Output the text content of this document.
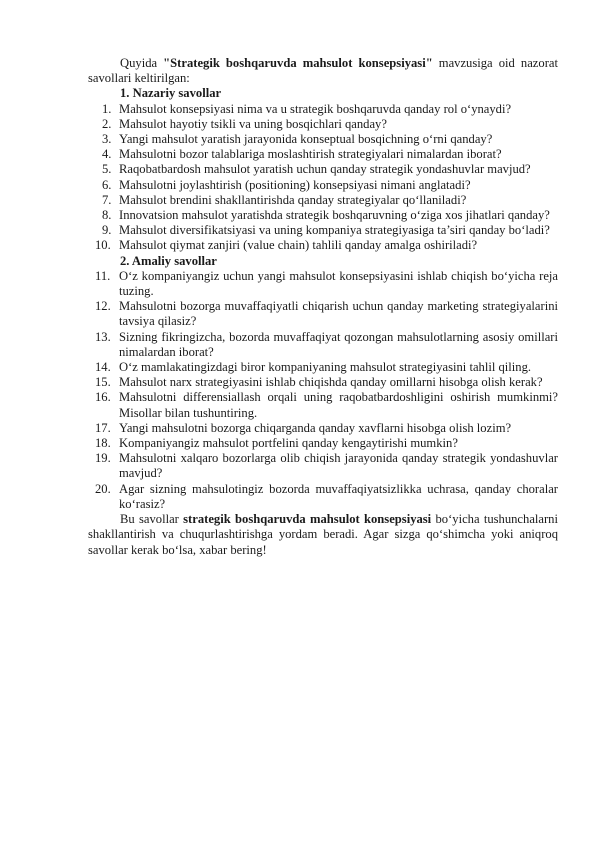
Quyida "Strategik boshqaruvda mahsulot konsepsiyasi" mavzusiga oid nazorat savollari keltirilgan:

1. Nazariy savollar

1. Mahsulot konsepsiyasi nima va u strategik boshqaruvda qanday rol o‘ynaydi?
2. Mahsulot hayotiy tsikli va uning bosqichlari qanday?
3. Yangi mahsulot yaratish jarayonida konseptual bosqichning o‘rni qanday?
4. Mahsulotni bozor talablariga moslashtirish strategiyalari nimalardan iborat?
5. Raqobatbardosh mahsulot yaratish uchun qanday strategik yondashuvlar mavjud?
6. Mahsulotni joylashtirish (positioning) konsepsiyasi nimani anglatadi?
7. Mahsulot brendini shakllantirishda qanday strategiyalar qo‘llaniladi?
8. Innovatsion mahsulot yaratishda strategik boshqaruvning o‘ziga xos jihatlari qanday?
9. Mahsulot diversifikatsiyasi va uning kompaniya strategiyasiga ta’siri qanday bo‘ladi?
10. Mahsulot qiymat zanjiri (value chain) tahlili qanday amalga oshiriladi?

2. Amaliy savollar

11. O‘z kompaniyangiz uchun yangi mahsulot konsepsiyasini ishlab chiqish bo‘yicha reja tuzing.
12. Mahsulotni bozorga muvaffaqiyatli chiqarish uchun qanday marketing strategiyalarini tavsiya qilasiz?
13. Sizning fikringizcha, bozorda muvaffaqiyat qozongan mahsulotlarning asosiy omillari nimalardan iborat?
14. O‘z mamlakatingizdagi biror kompaniyaning mahsulot strategiyasini tahlil qiling.
15. Mahsulot narx strategiyasini ishlab chiqishda qanday omillarni hisobga olish kerak?
16. Mahsulotni differensiallash orqali uning raqobatbardoshligini oshirish mumkinmi? Misollar bilan tushuntiring.
17. Yangi mahsulotni bozorga chiqarganda qanday xavflarni hisobga olish lozim?
18. Kompaniyangiz mahsulot portfelini qanday kengaytirishi mumkin?
19. Mahsulotni xalqaro bozorlarga olib chiqish jarayonida qanday strategik yondashuvlar mavjud?
20. Agar sizning mahsulotingiz bozorda muvaffaqiyatsizlikka uchrasa, qanday choralar ko‘rasiz?

Bu savollar strategik boshqaruvda mahsulot konsepsiyasi bo‘yicha tushunchalarni shakllantirish va chuqurlashtirishga yordam beradi. Agar sizga qo‘shimcha yoki aniqroq savollar kerak bo‘lsa, xabar bering!
